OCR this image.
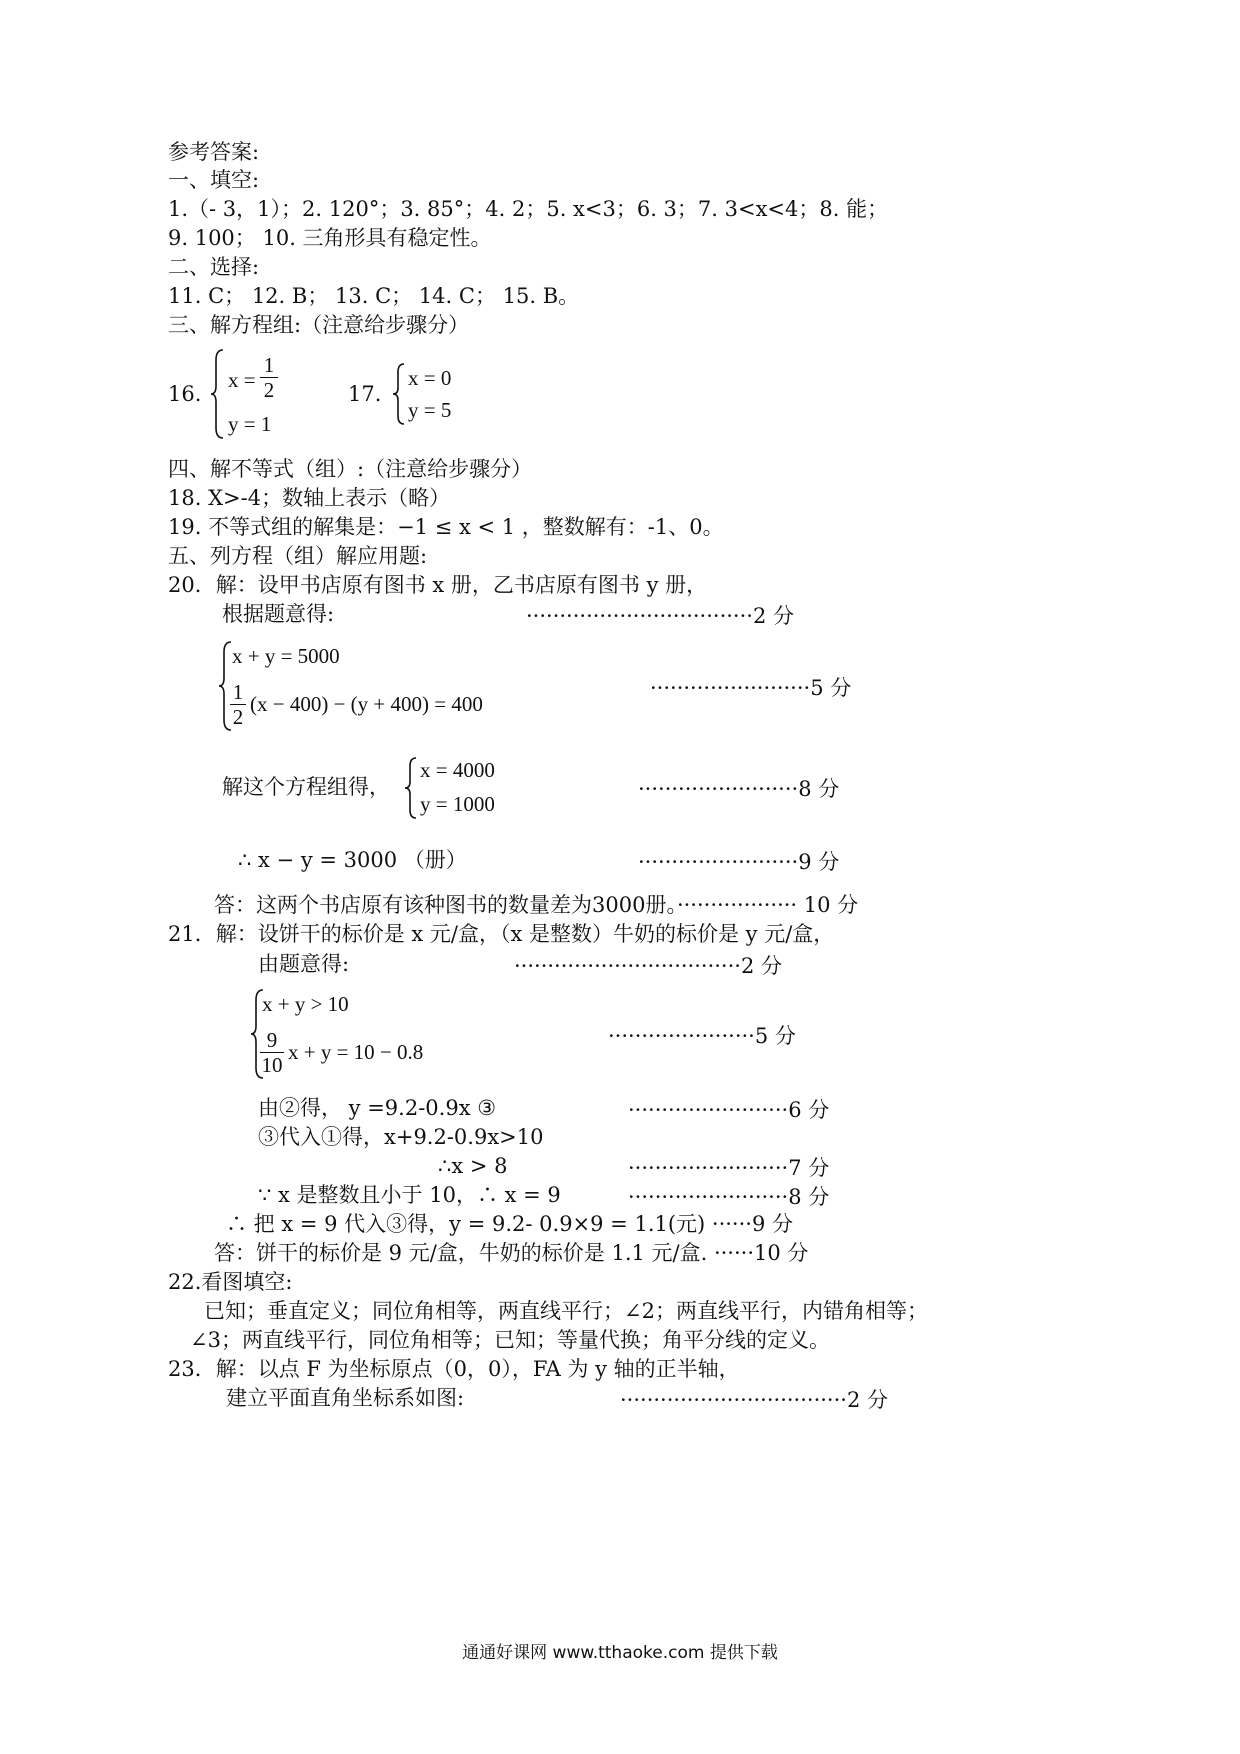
参考答案:
一、填空:
1.（- 3，1）；2. 120°；3. 85°；4. 2；5. x<3；6. 3；7. 3<x<4；8. 能；
9. 100； 10. 三角形具有稳定性。
二、选择:
11. C； 12. B； 13. C； 14. C； 15. B。
三、解方程组:（注意给步骤分）
16.
x =
1
2
y = 1
17.
x = 0
y = 5
四、解不等式（组）:（注意给步骤分）
18. X>-4；数轴上表示（略）
19. 不等式组的解集是：−1 ≤ x < 1 ，整数解有：-1、0。
五、列方程（组）解应用题:
20．解：设甲书店原有图书 x 册，乙书店原有图书 y 册，
根据题意得:	··································2 分
x + y = 5000
1
2
(x − 400) − (y + 400) = 400
························5 分
解这个方程组得，
x = 4000
y = 1000
························8 分
∴ x − y = 3000 （册）	························9 分
答：这两个书店原有该种图书的数量差为3000册。·················· 10 分
21．解：设饼干的标价是 x 元/盒，（x 是整数）牛奶的标价是 y 元/盒，
由题意得:	··································2 分
x + y > 10
9
10
x + y = 10 − 0.8
······················5 分
由②得， y =9.2-0.9x ③	························6 分
③代入①得，x+9.2-0.9x>10
∴x > 8	························7 分
∵ x 是整数且小于 10，∴ x = 9	························8 分
∴ 把 x = 9 代入③得，y = 9.2- 0.9×9 = 1.1(元) ······9 分
答：饼干的标价是 9 元/盒，牛奶的标价是 1.1 元/盒. ······10 分
22.看图填空:
已知；垂直定义；同位角相等，两直线平行；∠2；两直线平行，内错角相等；
∠3；两直线平行，同位角相等；已知；等量代换；角平分线的定义。
23．解：以点 F 为坐标原点（0，0），FA 为 y 轴的正半轴，
建立平面直角坐标系如图:	··································2 分
通通好课网 www.tthaoke.com 提供下载
